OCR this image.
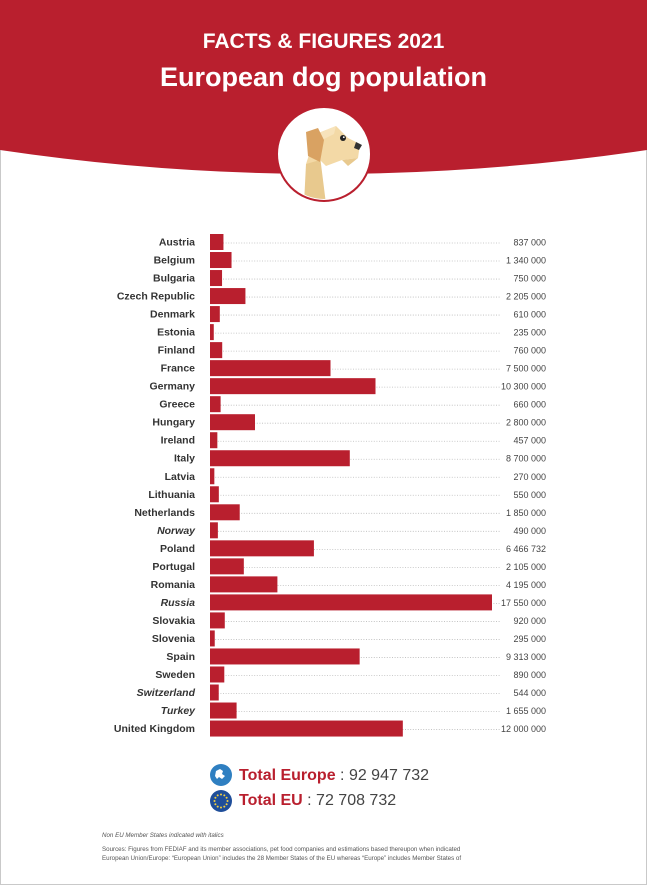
FACTS & FIGURES 2021
European dog population
Austria	837 000
Belgium	1 340 000
Bulgaria	750 000
Czech Republic	2 205 000
Denmark	610 000
Estonia	235 000
Finland	760 000
France	7 500 000
Germany	10 300 000
Greece	660 000
Hungary	2 800 000
Ireland	457 000
Italy	8 700 000
Latvia	270 000
Lithuania	550 000
Netherlands	1 850 000
Norway	490 000
Poland	6 466 732
Portugal	2 105 000
Romania	4 195 000
Russia	17 550 000
Slovakia	920 000
Slovenia	295 000
Spain	9 313 000
Sweden	890 000
Switzerland	544 000
Turkey	1 655 000
United Kingdom	12 000 000
Total Europe : 92 947 732
Total EU : 72 708 732
Non EU Member States indicated with italics
Sources: Figures from FEDIAF and its member associations, pet food companies and estimations based thereupon when indicated
European Union/Europe: “European Union” includes the 28 Member States of the EU whereas “Europe” includes Member States of
